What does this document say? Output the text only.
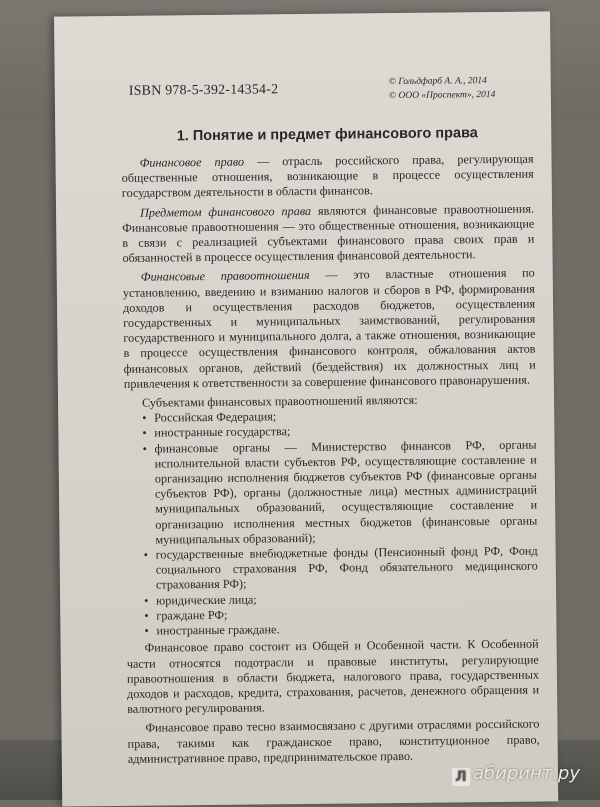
ISBN 978-5-392-14354-2
© Гольдфарб А. А., 2014
© ООО «Проспект», 2014
1. Понятие и предмет финансового права

Финансовое право — отрасль российского права, регулирующая общественные отношения, возникающие в процессе осуществления государством деятельности в области финансов.

Предметом финансового права являются финансовые правоотношения. Финансовые правоотношения — это общественные отношения, возникающие в связи с реализацией субъектами финансового права своих прав и обязанностей в процессе осуществления финансовой деятельности.

Финансовые правоотношения — это властные отношения по установлению, введению и взиманию налогов и сборов в РФ, формирования доходов и осуществления расходов бюджетов, осуществления государственных и муниципальных заимствований, регулирования государственного и муниципального долга, а также отношения, возникающие в процессе осуществления финансового контроля, обжалования актов финансовых органов, действий (бездействия) их должностных лиц и привлечения к ответственности за совершение финансового правонарушения.

Субъектами финансовых правоотношений являются:

• Российская Федерация;
• иностранные государства;
• финансовые органы — Министерство финансов РФ, органы исполнительной власти субъектов РФ, осуществляющие составление и организацию исполнения бюджетов субъектов РФ (финансовые органы субъектов РФ), органы (должностные лица) местных администраций муниципальных образований, осуществляющие составление и организацию исполнения местных бюджетов (финансовые органы муниципальных образований);
• государственные внебюджетные фонды (Пенсионный фонд РФ, Фонд социального страхования РФ, Фонд обязательного медицинского страхования РФ);
• юридические лица;
• граждане РФ;
• иностранные граждане.

Финансовое право состоит из Общей и Особенной части. К Особенной части относятся подотрасли и правовые институты, регулирующие правоотношения в области бюджета, налогового права, государственных доходов и расходов, кредита, страхования, расчетов, денежного обращения и валютного регулирования.

Финансовое право тесно взаимосвязано с другими отраслями российского права, такими как гражданское право, конституционное право, административное право, предпринимательское право.

Л абиринт.ру
